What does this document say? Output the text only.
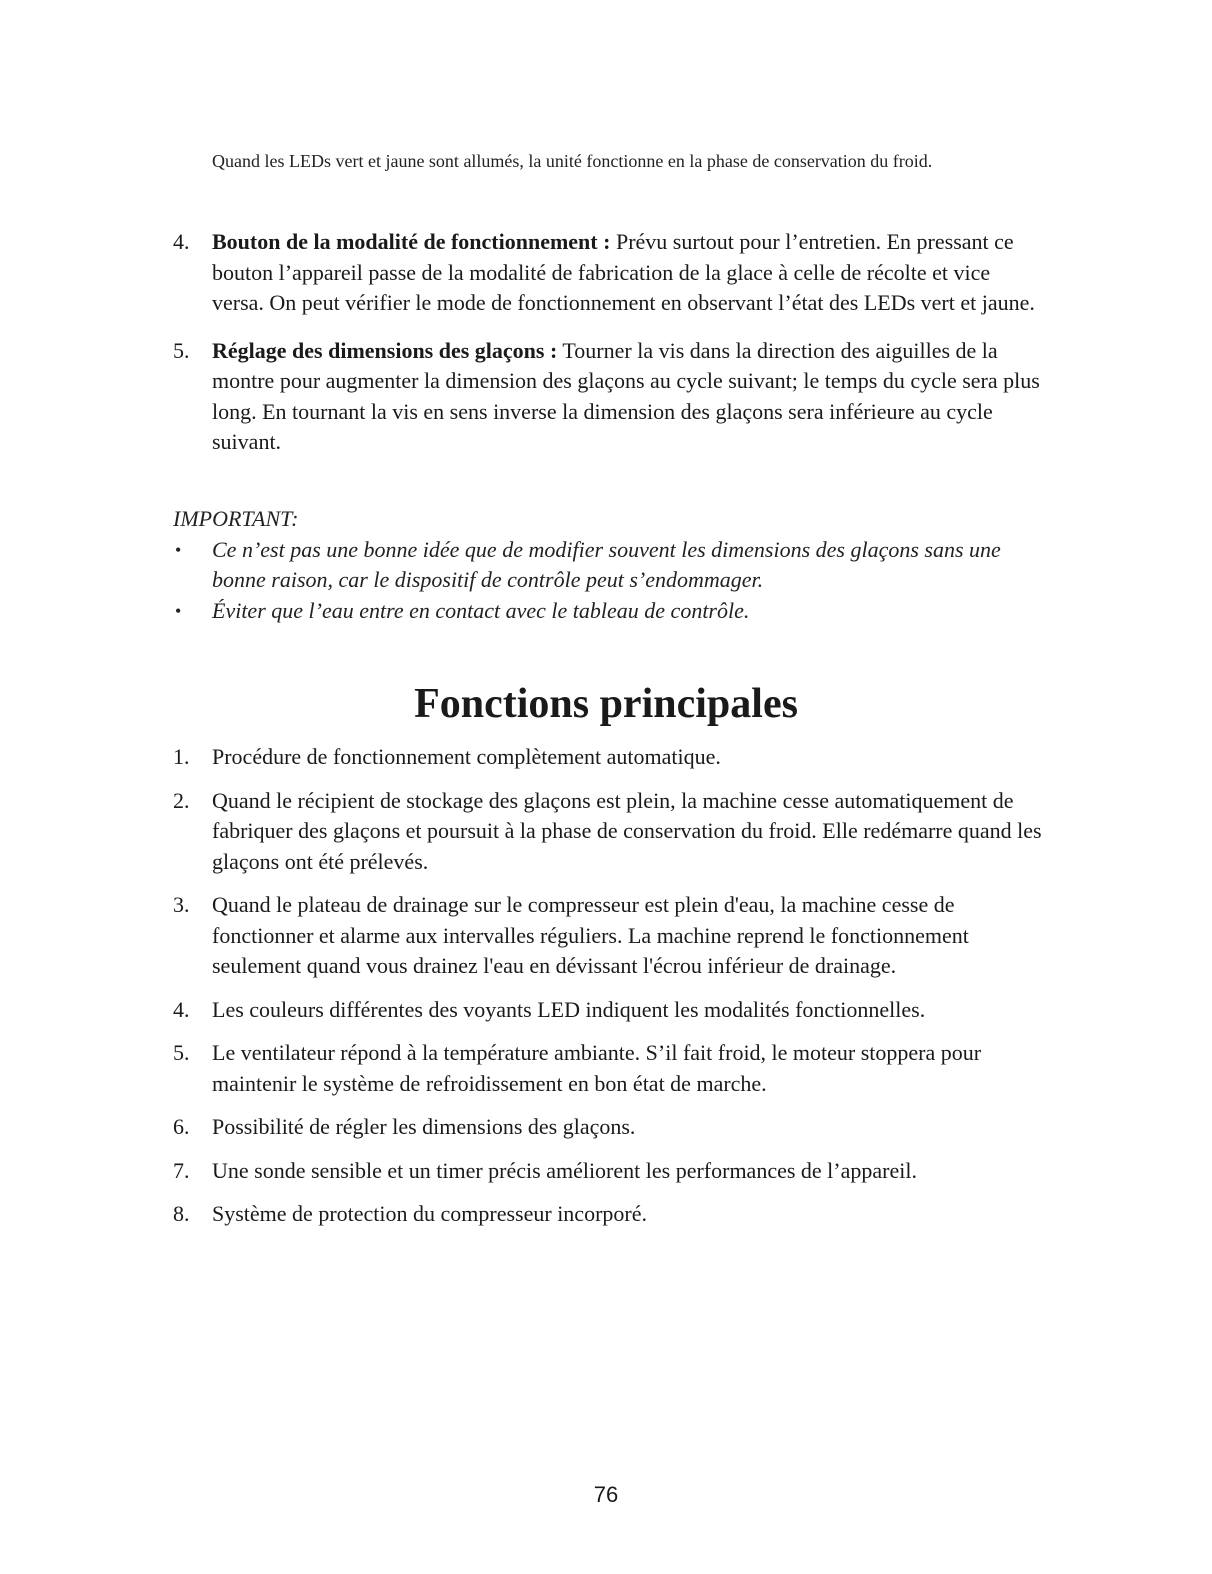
Quand les LEDs vert et jaune sont allumés, la unité fonctionne en la phase de conservation du froid.
4. Bouton de la modalité de fonctionnement : Prévu surtout pour l’entretien. En pressant ce bouton l’appareil passe de la modalité de fabrication de la glace à celle de récolte et vice versa. On peut vérifier le mode de fonctionnement en observant l’état des LEDs vert et jaune.
5. Réglage des dimensions des glaçons : Tourner la vis dans la direction des aiguilles de la montre pour augmenter la dimension des glaçons au cycle suivant; le temps du cycle sera plus long. En tournant la vis en sens inverse la dimension des glaçons sera inférieure au cycle suivant.
IMPORTANT:
• Ce n’est pas une bonne idée que de modifier souvent les dimensions des glaçons sans une bonne raison, car le dispositif de contrôle peut s’endommager.
• Éviter que l’eau entre en contact avec le tableau de contrôle.
Fonctions principales
1. Procédure de fonctionnement complètement automatique.
2. Quand le récipient de stockage des glaçons est plein, la machine cesse automatiquement de fabriquer des glaçons et poursuit à la phase de conservation du froid. Elle redémarre quand les glaçons ont été prélevés.
3. Quand le plateau de drainage sur le compresseur est plein d'eau, la machine cesse de fonctionner et alarme aux intervalles réguliers. La machine reprend le fonctionnement seulement quand vous drainez l'eau en dévissant l'écrou inférieur de drainage.
4. Les couleurs différentes des voyants LED indiquent les modalités fonctionnelles.
5. Le ventilateur répond à la température ambiante. S’il fait froid, le moteur stoppera pour maintenir le système de refroidissement en bon état de marche.
6. Possibilité de régler les dimensions des glaçons.
7. Une sonde sensible et un timer précis améliorent les performances de l’appareil.
8. Système de protection du compresseur incorporé.
76
